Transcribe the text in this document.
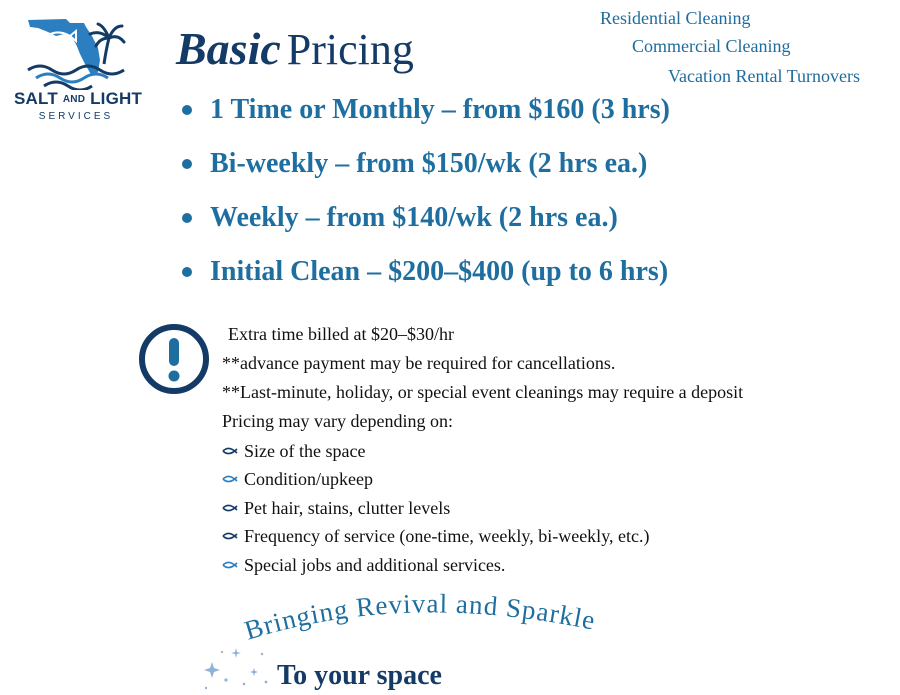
SALT AND LIGHT
SERVICES
Basic Pricing
Residential Cleaning
Commercial Cleaning
Vacation Rental Turnovers
1 Time or Monthly – from $160 (3 hrs)
Bi-weekly – from $150/wk (2 hrs ea.)
Weekly – from $140/wk (2 hrs ea.)
Initial Clean – $200–$400 (up to 6 hrs)
Extra time billed at $20–$30/hr
**advance payment may be required for cancellations.
**Last-minute, holiday, or special event cleanings may require a deposit
Pricing may vary depending on:
Size of the space
Condition/upkeep
Pet hair, stains, clutter levels
Frequency of service (one-time, weekly, bi-weekly, etc.)
Special jobs and additional services.
Bringing Revival and Sparkle
To your space
